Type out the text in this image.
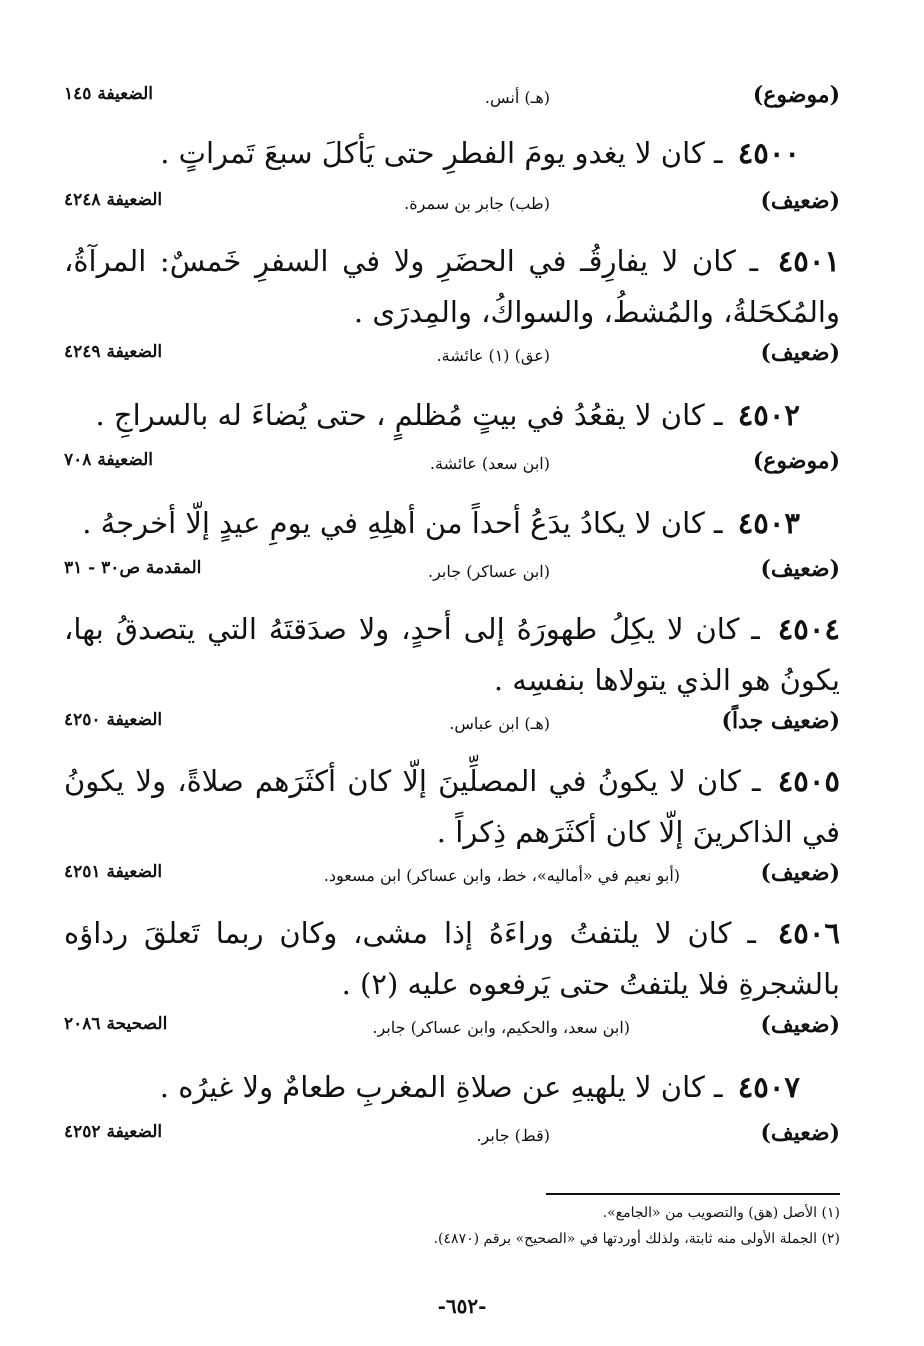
(موضوع)
(هـ) أنس.
الضعيفة ١٤٥

٤٥٠٠ ـ كان لا يغدو يومَ الفطرِ حتى يَأكلَ سبعَ تَمراتٍ .

(ضعيف)
(طب) جابر بن سمرة.
الضعيفة ٤٢٤٨

٤٥٠١ ـ كان لا يفارِقُـ في الحضَرِ ولا في السفرِ خَمسٌ: المرآةُ، والمُكحَلةُ، والمُشطُ، والسواكُ، والمِدرَى .

(ضعيف)
(عق) (١) عائشة.
الضعيفة ٤٢٤٩

٤٥٠٢ ـ كان لا يقعُدُ في بيتٍ مُظلمٍ ، حتى يُضاءَ له بالسراجِ .

(موضوع)
(ابن سعد) عائشة.
الضعيفة ٧٠٨

٤٥٠٣ ـ كان لا يكادُ يدَعُ أحداً من أهلِهِ في يومِ عيدٍ إلّا أخرجهُ .

(ضعيف)
(ابن عساكر) جابر.
المقدمة ص٣٠ - ٣١

٤٥٠٤ ـ كان لا يكِلُ طهورَهُ إلى أحدٍ، ولا صدَقتَهُ التي يتصدقُ بها، يكونُ هو الذي يتولاها بنفسِه .

(ضعيف جداً)
(هـ) ابن عباس.
الضعيفة ٤٢٥٠

٤٥٠٥ ـ كان لا يكونُ في المصلِّينَ إلّا كان أكثَرَهم صلاةً، ولا يكونُ في الذاكرينَ إلّا كان أكثَرَهم ذِكراً .

(ضعيف)
(أبو نعيم في «أماليه»، خط، وابن عساكر) ابن مسعود.
الضعيفة ٤٢٥١

٤٥٠٦ ـ كان لا يلتفتُ وراءَهُ إذا مشى، وكان ربما تَعلقَ رداؤه بالشجرةِ فلا يلتفتُ حتى يَرفعوه عليه (٢) .

(ضعيف)
(ابن سعد، والحكيم، وابن عساكر) جابر.
الصحيحة ٢٠٨٦

٤٥٠٧ ـ كان لا يلهيهِ عن صلاةِ المغربِ طعامٌ ولا غيرُه .

(ضعيف)
(قط) جابر.
الضعيفة ٤٢٥٢
(١) الأصل (هق) والتصويب من «الجامع».
(٢) الجملة الأولى منه ثابتة، ولذلك أوردتها في «الصحيح» برقم (٤٨٧٠).
-٦٥٢-
